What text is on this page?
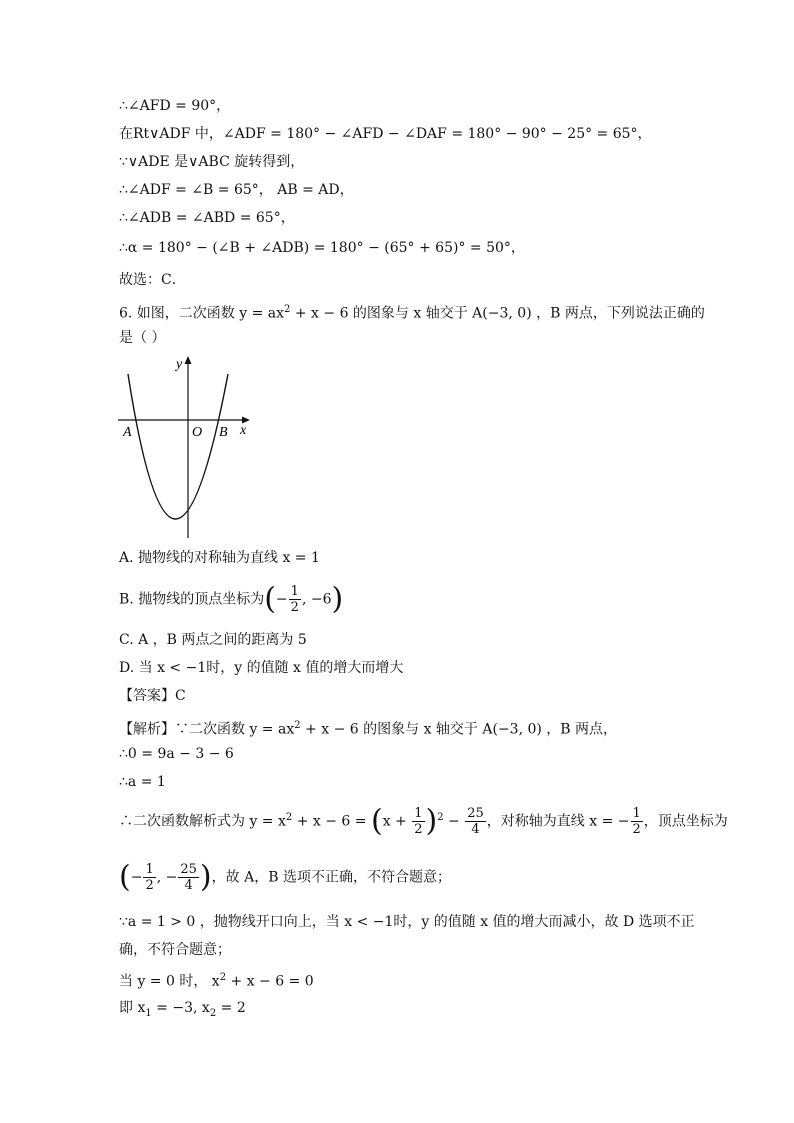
∴∠AFD = 90°，
在Rt∨ADF 中，∠ADF = 180° − ∠AFD − ∠DAF = 180° − 90° − 25° = 65°，
∵∨ADE 是∨ABC 旋转得到，
∴∠ADF = ∠B = 65°， AB = AD，
∴∠ADB = ∠ABD = 65°，
∴α = 180° − (∠B + ∠ADB) = 180° − (65° + 65)° = 50°，
故选：C．
6. 如图，二次函数 $y = ax^2 + x - 6$ 的图象与 x 轴交于 A(−3, 0) ，B 两点，下列说法正确的
是（ ）
y
x
A	O B
A. 抛物线的对称轴为直线 x = 1
B. 抛物线的顶点坐标为(− $\frac{1}{2}$ , −6)
C. A ，B 两点之间的距离为 5
D. 当 x < −1时，y 的值随 x 值的增大而增大
【答案】C
【解析】∵二次函数 $y = ax^2 + x - 6$ 的图象与 x 轴交于 A(−3, 0) ，B 两点，
∴0 = 9a − 3 − 6
∴a = 1
∴二次函数解析式为 $y = x^2 + x - 6 = (x + \frac{1}{2} )^2 - \frac{25}{4}$ ，对称轴为直线 x = − $\frac{1}{2}$ ，顶点坐标为
(− $\frac{1}{2}$ , − $\frac{25}{4}$ )，故 A，B 选项不正确，不符合题意；
∵a = 1 > 0 ，抛物线开口向上，当 x < −1时，y 的值随 x 值的增大而减小，故 D 选项不正
确，不符合题意；
当 y = 0 时， $x^2 + x - 6 = 0$
即 $x_1 = -3$, $x_2 = 2$
